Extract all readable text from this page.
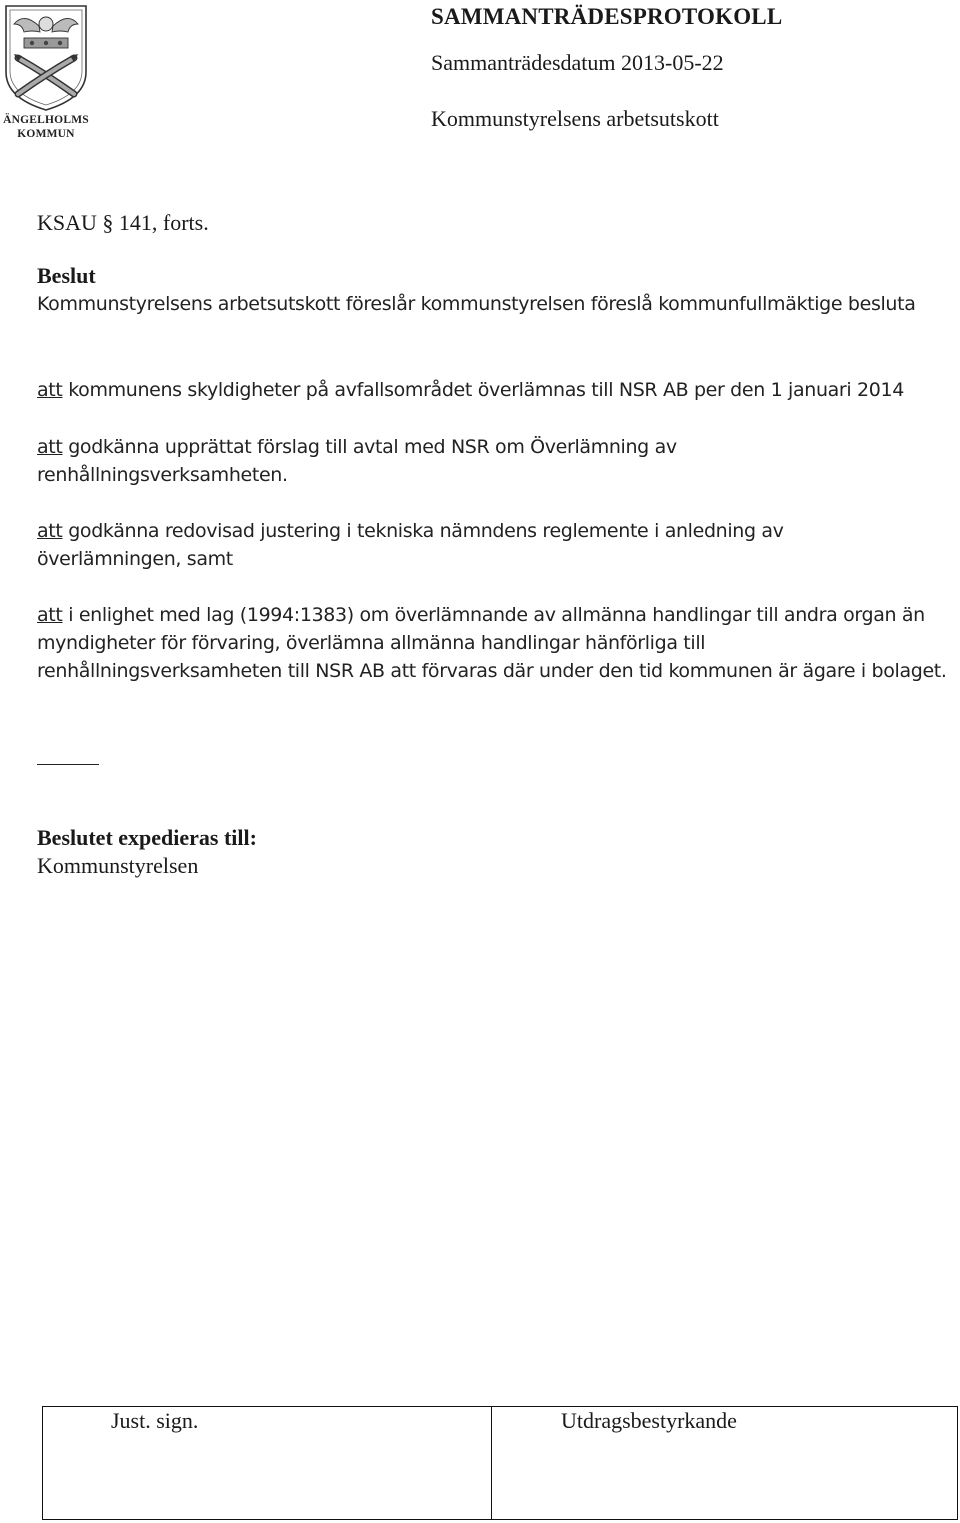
ÄNGELHOLMS
KOMMUN
SAMMANTRÄDESPROTOKOLL
Sammanträdesdatum 2013-05-22
Kommunstyrelsens arbetsutskott
KSAU § 141, forts.
Beslut
Kommunstyrelsens arbetsutskott föreslår kommunstyrelsen föreslå kommunfullmäktige besluta
att kommunens skyldigheter på avfallsområdet överlämnas till NSR AB per den 1 januari 2014
att godkänna upprättat förslag till avtal med NSR om Överlämning av renhållningsverksamheten.
att godkänna redovisad justering i tekniska nämndens reglemente i anledning av överlämningen, samt
att i enlighet med lag (1994:1383) om överlämnande av allmänna handlingar till andra organ än myndigheter för förvaring, överlämna allmänna handlingar hänförliga till renhållningsverksamheten till NSR AB att förvaras där under den tid kommunen är ägare i bolaget.
Beslutet expedieras till:
Kommunstyrelsen
Just. sign.	Utdragsbestyrkande
